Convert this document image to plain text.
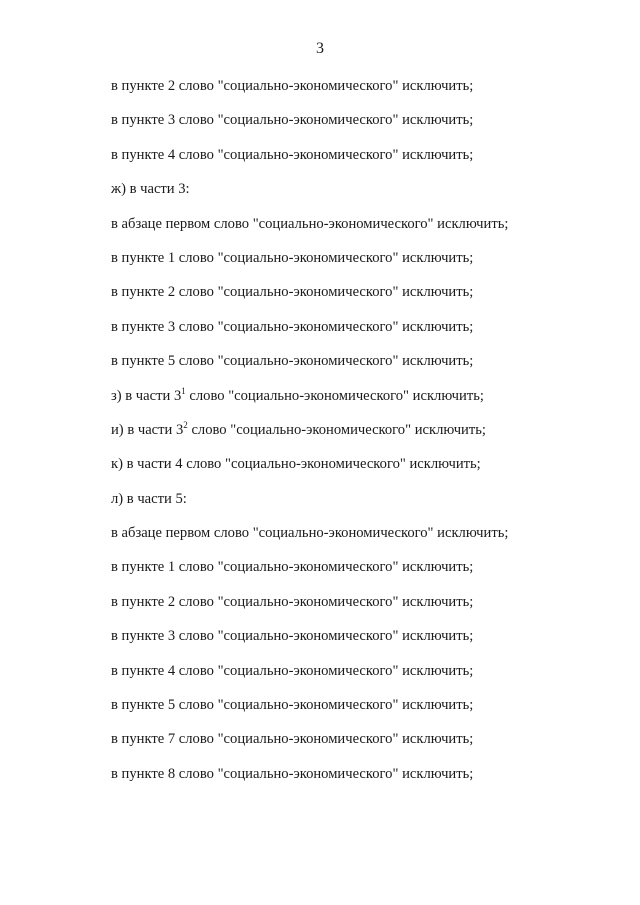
3
в пункте 2 слово "социально-экономического" исключить;
в пункте 3 слово "социально-экономического" исключить;
в пункте 4 слово "социально-экономического" исключить;
ж) в части 3:
в абзаце первом слово "социально-экономического" исключить;
в пункте 1 слово "социально-экономического" исключить;
в пункте 2 слово "социально-экономического" исключить;
в пункте 3 слово "социально-экономического" исключить;
в пункте 5 слово "социально-экономического" исключить;
з) в части $3^1$ слово "социально-экономического" исключить;
и) в части $3^2$ слово "социально-экономического" исключить;
к) в части 4 слово "социально-экономического" исключить;
л) в части 5:
в абзаце первом слово "социально-экономического" исключить;
в пункте 1 слово "социально-экономического" исключить;
в пункте 2 слово "социально-экономического" исключить;
в пункте 3 слово "социально-экономического" исключить;
в пункте 4 слово "социально-экономического" исключить;
в пункте 5 слово "социально-экономического" исключить;
в пункте 7 слово "социально-экономического" исключить;
в пункте 8 слово "социально-экономического" исключить;
